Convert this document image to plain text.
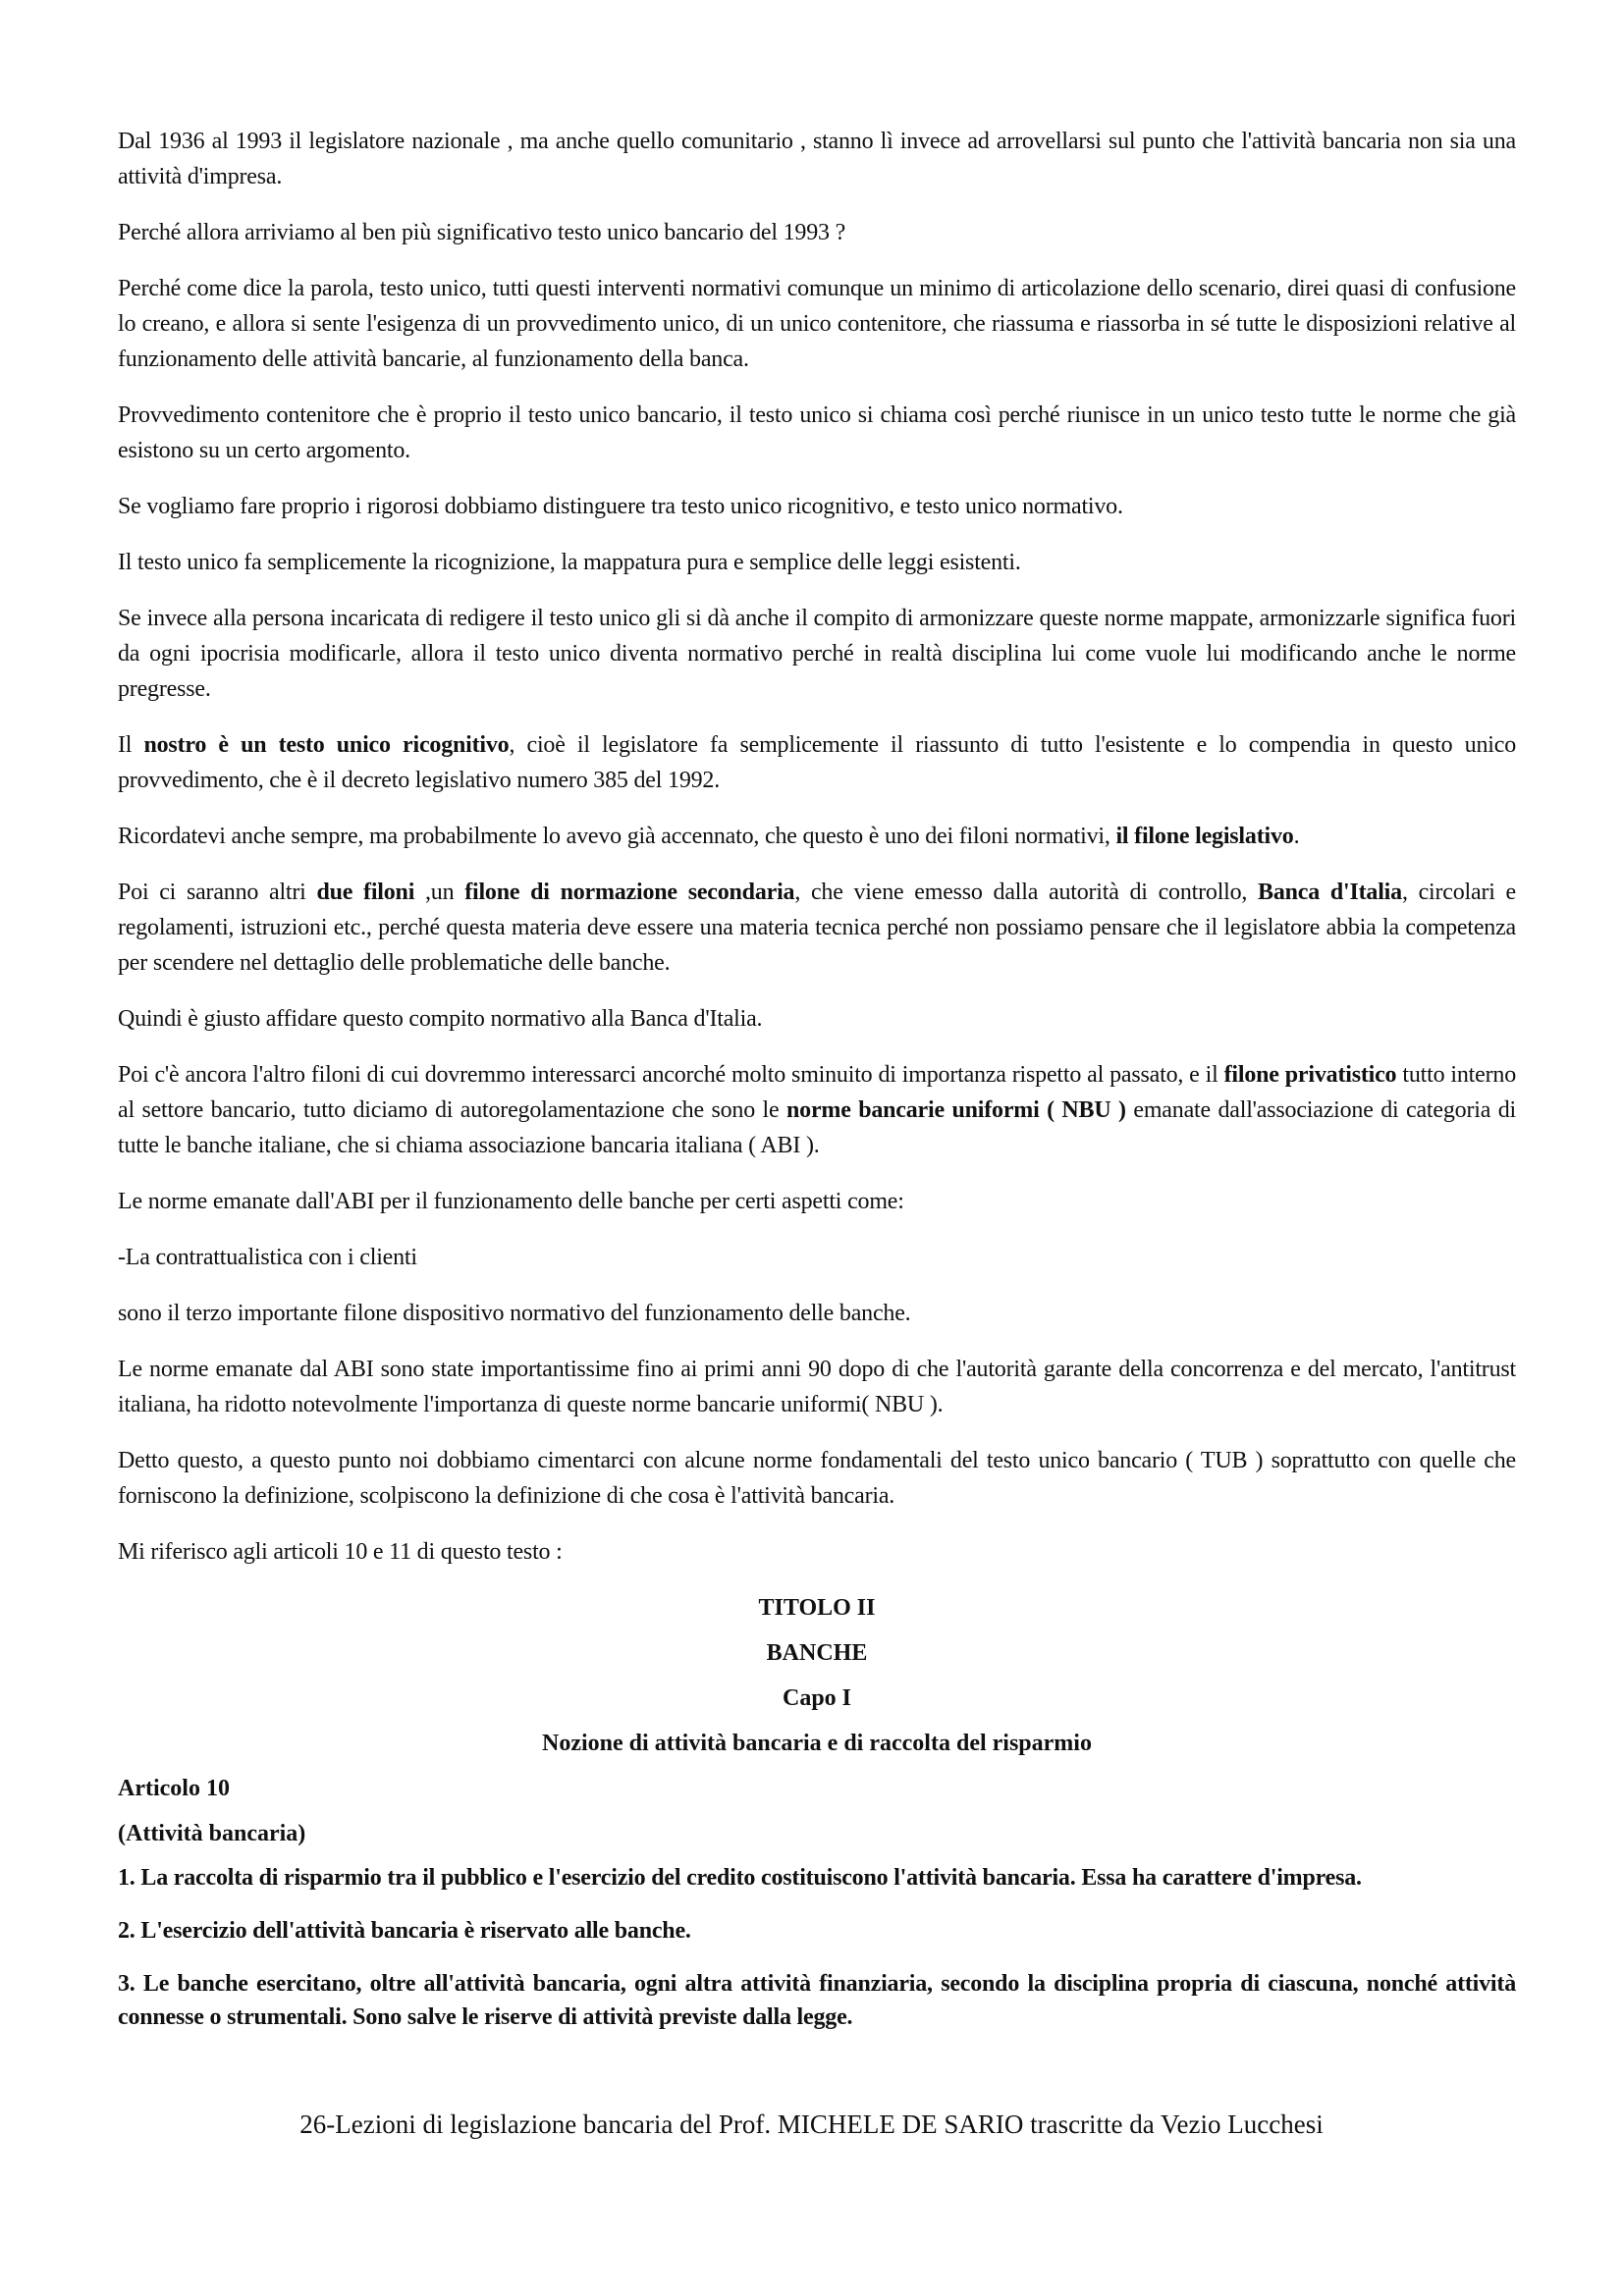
Dal 1936 al 1993 il legislatore nazionale , ma anche quello comunitario , stanno lì invece ad arrovellarsi sul punto che l'attività bancaria non sia una attività d'impresa.

Perché allora arriviamo al ben più significativo testo unico bancario del 1993 ?

Perché come dice la parola, testo unico, tutti questi interventi normativi comunque un minimo di articolazione dello scenario, direi quasi di confusione lo creano, e allora si sente l'esigenza di un provvedimento unico, di un unico contenitore, che riassuma e riassorba in sé tutte le disposizioni relative al funzionamento delle attività bancarie, al funzionamento della banca.

Provvedimento contenitore che è proprio il testo unico bancario, il testo unico si chiama così perché riunisce in un unico testo tutte le norme che già esistono su un certo argomento.

Se vogliamo fare proprio i rigorosi dobbiamo distinguere tra testo unico ricognitivo, e testo unico normativo.

Il testo unico fa semplicemente la ricognizione, la mappatura pura e semplice delle leggi esistenti.

Se invece alla persona incaricata di redigere il testo unico gli si dà anche il compito di armonizzare queste norme mappate, armonizzarle significa fuori da ogni ipocrisia modificarle, allora il testo unico diventa normativo perché in realtà disciplina lui come vuole lui modificando anche le norme pregresse.

Il nostro è un testo unico ricognitivo, cioè il legislatore fa semplicemente il riassunto di tutto l'esistente e lo compendia in questo unico provvedimento, che è il decreto legislativo numero 385 del 1992.

Ricordatevi anche sempre, ma probabilmente lo avevo già accennato, che questo è uno dei filoni normativi, il filone legislativo.

Poi ci saranno altri due filoni ,un filone di normazione secondaria, che viene emesso dalla autorità di controllo, Banca d'Italia, circolari e regolamenti, istruzioni etc., perché questa materia deve essere una materia tecnica perché non possiamo pensare che il legislatore abbia la competenza per scendere nel dettaglio delle problematiche delle banche.

Quindi è giusto affidare questo compito normativo alla Banca d'Italia.

Poi c'è ancora l'altro filoni di cui dovremmo interessarci ancorché molto sminuito di importanza rispetto al passato, e il filone privatistico tutto interno al settore bancario, tutto diciamo di autoregolamentazione che sono le norme bancarie uniformi ( NBU ) emanate dall'associazione di categoria di tutte le banche italiane, che si chiama associazione bancaria italiana ( ABI ).

Le norme emanate dall'ABI per il funzionamento delle banche per certi aspetti come:

-La contrattualistica con i clienti

sono il terzo importante filone dispositivo normativo del funzionamento delle banche.

Le norme emanate dal ABI sono state importantissime fino ai primi anni 90 dopo di che l'autorità garante della concorrenza e del mercato, l'antitrust italiana, ha ridotto notevolmente l'importanza di queste norme bancarie uniformi( NBU ).

Detto questo, a questo punto noi dobbiamo cimentarci con alcune norme fondamentali del testo unico bancario ( TUB ) soprattutto con quelle che forniscono la definizione, scolpiscono la definizione di che cosa è l'attività bancaria.

Mi riferisco agli articoli 10 e 11 di questo testo :

TITOLO II
BANCHE
Capo I
Nozione di attività bancaria e di raccolta del risparmio
Articolo 10
(Attività bancaria)

1. La raccolta di risparmio tra il pubblico e l'esercizio del credito costituiscono l'attività bancaria. Essa ha carattere d'impresa.

2. L'esercizio dell'attività bancaria è riservato alle banche.

3. Le banche esercitano, oltre all'attività bancaria, ogni altra attività finanziaria, secondo la disciplina propria di ciascuna, nonché attività connesse o strumentali. Sono salve le riserve di attività previste dalla legge.

26-Lezioni di legislazione bancaria del Prof. MICHELE DE SARIO trascritte da Vezio Lucchesi
